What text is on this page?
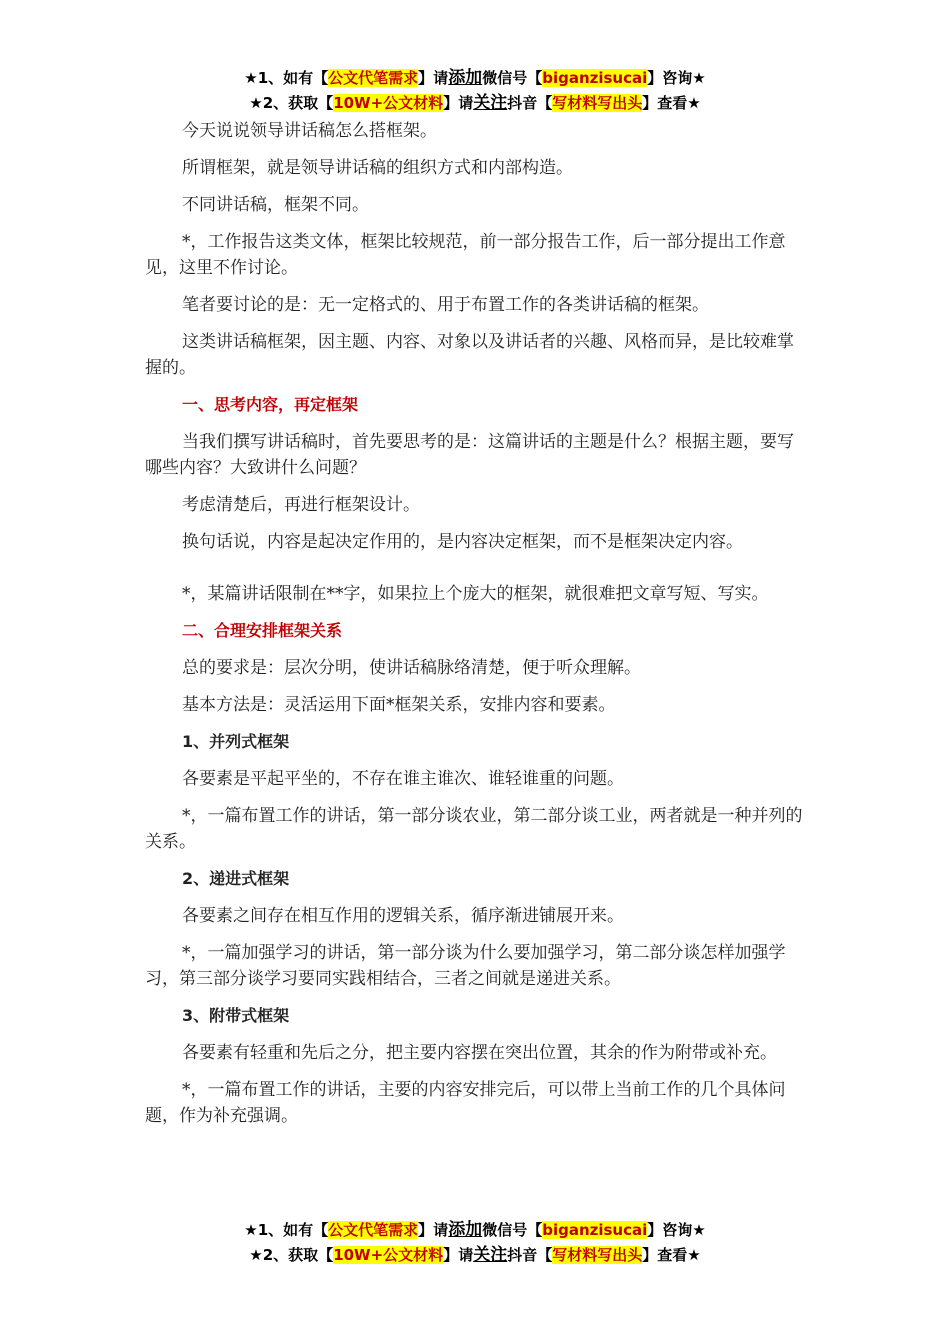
★1、如有【公文代笔需求】请添加微信号【biganzisucai】咨询★
★2、获取【10W+公文材料】请关注抖音【写材料写出头】查看★

今天说说领导讲话稿怎么搭框架。

所谓框架，就是领导讲话稿的组织方式和内部构造。

不同讲话稿，框架不同。

*，工作报告这类文体，框架比较规范，前一部分报告工作，后一部分提出工作意见，这里不作讨论。

笔者要讨论的是：无一定格式的、用于布置工作的各类讲话稿的框架。

这类讲话稿框架，因主题、内容、对象以及讲话者的兴趣、风格而异，是比较难掌握的。

一、思考内容，再定框架

当我们撰写讲话稿时，首先要思考的是：这篇讲话的主题是什么？根据主题，要写哪些内容？大致讲什么问题？

考虑清楚后，再进行框架设计。

换句话说，内容是起决定作用的，是内容决定框架，而不是框架决定内容。

*，某篇讲话限制在**字，如果拉上个庞大的框架，就很难把文章写短、写实。

二、合理安排框架关系

总的要求是：层次分明，使讲话稿脉络清楚，便于听众理解。

基本方法是：灵活运用下面*框架关系，安排内容和要素。

1、并列式框架

各要素是平起平坐的，不存在谁主谁次、谁轻谁重的问题。

*，一篇布置工作的讲话，第一部分谈农业，第二部分谈工业，两者就是一种并列的关系。

2、递进式框架

各要素之间存在相互作用的逻辑关系，循序渐进铺展开来。

*，一篇加强学习的讲话，第一部分谈为什么要加强学习，第二部分谈怎样加强学习，第三部分谈学习要同实践相结合，三者之间就是递进关系。

3、附带式框架

各要素有轻重和先后之分，把主要内容摆在突出位置，其余的作为附带或补充。

*，一篇布置工作的讲话，主要的内容安排完后，可以带上当前工作的几个具体问题，作为补充强调。

★1、如有【公文代笔需求】请添加微信号【biganzisucai】咨询★
★2、获取【10W+公文材料】请关注抖音【写材料写出头】查看★
